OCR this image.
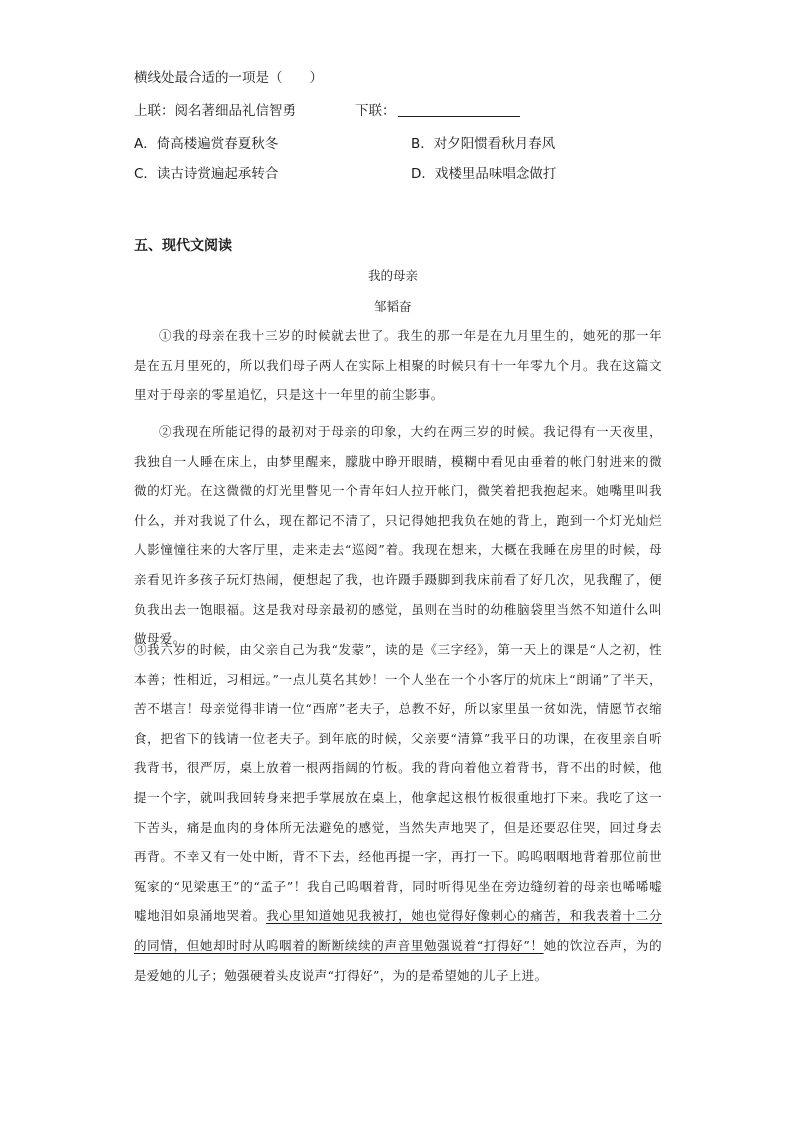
横线处最合适的一项是（　　）
上联：阅名著细品礼信智勇	下联：
A．倚高楼遍赏春夏秋冬	B．对夕阳惯看秋月春风
C．读古诗赏遍起承转合	D．戏楼里品味唱念做打
五、现代文阅读
我的母亲
邹韬奋
①我的母亲在我十三岁的时候就去世了。我生的那一年是在九月里生的，她死的那一年是在五月里死的，所以我们母子两人在实际上相聚的时候只有十一年零九个月。我在这篇文里对于母亲的零星追忆，只是这十一年里的前尘影事。
②我现在所能记得的最初对于母亲的印象，大约在两三岁的时候。我记得有一天夜里，我独自一人睡在床上，由梦里醒来，朦胧中睁开眼睛，模糊中看见由垂着的帐门射进来的微微的灯光。在这微微的灯光里瞥见一个青年妇人拉开帐门，微笑着把我抱起来。她嘴里叫我什么，并对我说了什么，现在都记不清了，只记得她把我负在她的背上，跑到一个灯光灿烂人影憧憧往来的大客厅里，走来走去“巡阅”着。我现在想来，大概在我睡在房里的时候，母亲看见许多孩子玩灯热闹，便想起了我，也许蹑手蹑脚到我床前看了好几次，见我醒了，便负我出去一饱眼福。这是我对母亲最初的感觉，虽则在当时的幼稚脑袋里当然不知道什么叫做母爱。
③我六岁的时候，由父亲自己为我“发蒙”，读的是《三字经》，第一天上的课是“人之初，性本善；性相近，习相远。”一点儿莫名其妙！一个人坐在一个小客厅的炕床上“朗诵”了半天，苦不堪言！母亲觉得非请一位“西席”老夫子，总教不好，所以家里虽一贫如洗，情愿节衣缩食，把省下的钱请一位老夫子。到年底的时候，父亲要“清算”我平日的功课，在夜里亲自听我背书，很严厉，桌上放着一根两指阔的竹板。我的背向着他立着背书，背不出的时候，他提一个字，就叫我回转身来把手掌展放在桌上，他拿起这根竹板很重地打下来。我吃了这一下苦头，痛是血肉的身体所无法避免的感觉，当然失声地哭了，但是还要忍住哭，回过身去再背。不幸又有一处中断，背不下去，经他再提一字，再打一下。呜呜咽咽地背着那位前世冤家的“见梁惠王”的“孟子”！我自己呜咽着背，同时听得见坐在旁边缝纫着的母亲也唏唏嘘嘘地泪如泉涌地哭着。我心里知道她见我被打，她也觉得好像刺心的痛苦，和我表着十二分的同情，但她却时时从呜咽着的断断续续的声音里勉强说着“打得好”！她的饮泣吞声，为的是爱她的儿子；勉强硬着头皮说声“打得好”，为的是希望她的儿子上进。
